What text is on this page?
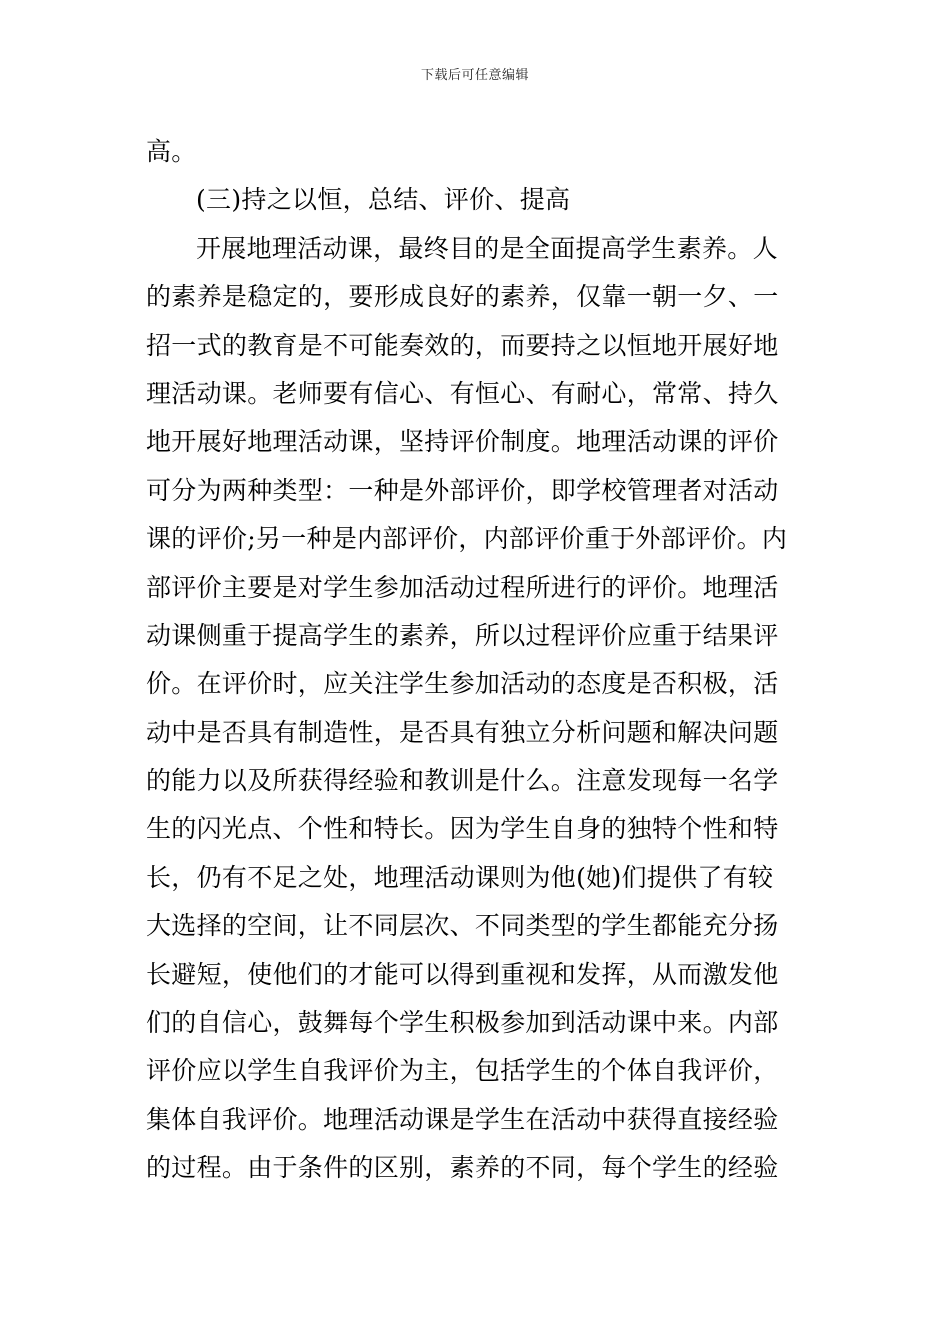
下载后可任意编辑
高。
(三)持之以恒，总结、评价、提高
开展地理活动课，最终目的是全面提高学生素养。人
的素养是稳定的，要形成良好的素养，仅靠一朝一夕、一
招一式的教育是不可能奏效的，而要持之以恒地开展好地
理活动课。老师要有信心、有恒心、有耐心，常常、持久
地开展好地理活动课，坚持评价制度。地理活动课的评价
可分为两种类型：一种是外部评价，即学校管理者对活动
课的评价;另一种是内部评价，内部评价重于外部评价。内
部评价主要是对学生参加活动过程所进行的评价。地理活
动课侧重于提高学生的素养，所以过程评价应重于结果评
价。在评价时，应关注学生参加活动的态度是否积极，活
动中是否具有制造性，是否具有独立分析问题和解决问题
的能力以及所获得经验和教训是什么。注意发现每一名学
生的闪光点、个性和特长。因为学生自身的独特个性和特
长，仍有不足之处，地理活动课则为他(她)们提供了有较
大选择的空间，让不同层次、不同类型的学生都能充分扬
长避短，使他们的才能可以得到重视和发挥，从而激发他
们的自信心，鼓舞每个学生积极参加到活动课中来。内部
评价应以学生自我评价为主，包括学生的个体自我评价，
集体自我评价。地理活动课是学生在活动中获得直接经验
的过程。由于条件的区别，素养的不同，每个学生的经验
